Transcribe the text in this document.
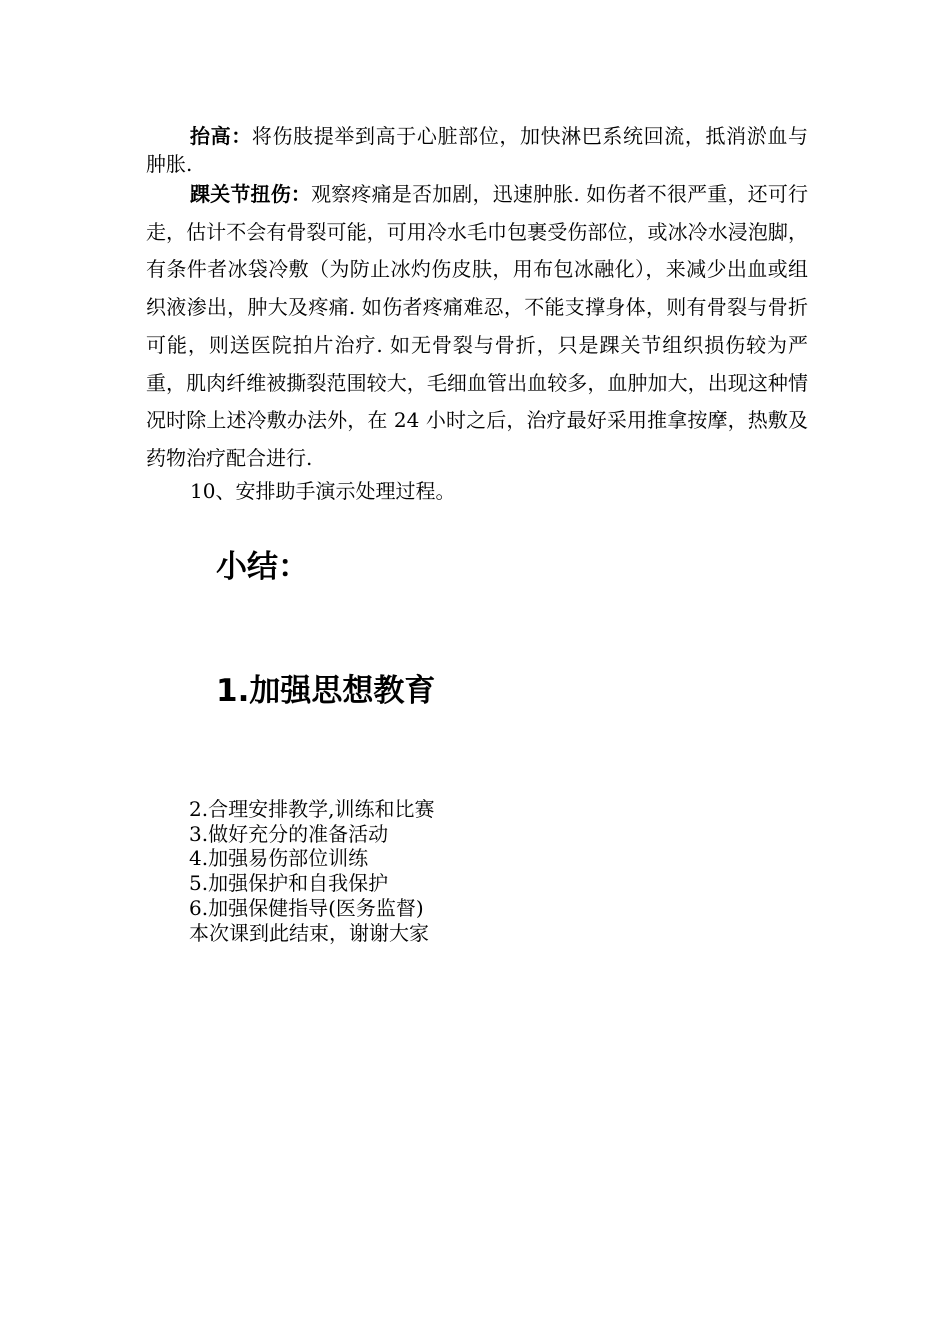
抬高：将伤肢提举到高于心脏部位，加快淋巴系统回流，抵消淤血与肿胀.

踝关节扭伤：观察疼痛是否加剧，迅速肿胀. 如伤者不很严重，还可行走，估计不会有骨裂可能，可用冷水毛巾包裹受伤部位，或冰冷水浸泡脚，有条件者冰袋冷敷（为防止冰灼伤皮肤，用布包冰融化），来减少出血或组织液渗出，肿大及疼痛. 如伤者疼痛难忍，不能支撑身体，则有骨裂与骨折可能，则送医院拍片治疗. 如无骨裂与骨折，只是踝关节组织损伤较为严重，肌肉纤维被撕裂范围较大，毛细血管出血较多，血肿加大，出现这种情况时除上述冷敷办法外，在 24 小时之后，治疗最好采用推拿按摩，热敷及药物治疗配合进行.

10、安排助手演示处理过程。

小结：
1.加强思想教育
2.合理安排教学,训练和比赛
3.做好充分的准备活动
4.加强易伤部位训练
5.加强保护和自我保护
6.加强保健指导(医务监督)
本次课到此结束，谢谢大家
